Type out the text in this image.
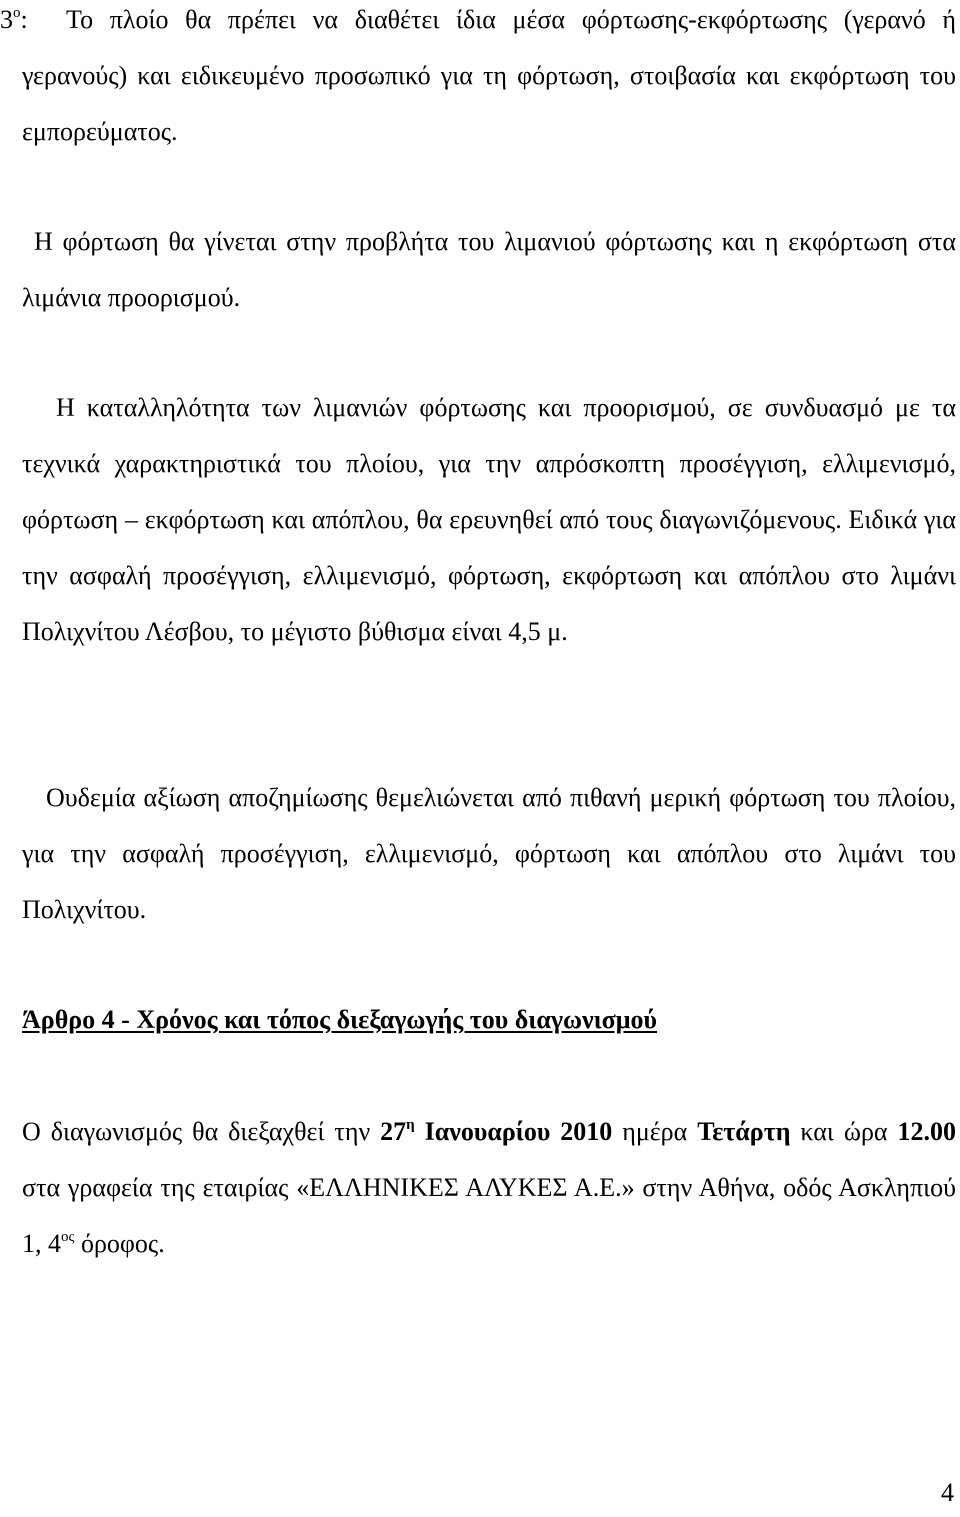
$3^o$:	Το πλοίο θα πρέπει να διαθέτει ίδια μέσα φόρτωσης-εκφόρτωσης (γερανό ή γερανούς) και ειδικευμένο προσωπικό για τη φόρτωση, στοιβασία και εκφόρτωση του εμπορεύματος.

Η φόρτωση θα γίνεται στην προβλήτα του λιμανιού φόρτωσης και η εκφόρτωση στα λιμάνια προορισμού.

Η καταλληλότητα των λιμανιών φόρτωσης και προορισμού, σε συνδυασμό με τα τεχνικά χαρακτηριστικά του πλοίου, για την απρόσκοπτη προσέγγιση, ελλιμενισμό, φόρτωση – εκφόρτωση και απόπλου, θα ερευνηθεί από τους διαγωνιζόμενους. Ειδικά για την ασφαλή προσέγγιση, ελλιμενισμό, φόρτωση, εκφόρτωση και απόπλου στο λιμάνι Πολιχνίτου Λέσβου, το μέγιστο βύθισμα είναι 4,5 μ.

Ουδεμία αξίωση αποζημίωσης θεμελιώνεται από πιθανή μερική φόρτωση του πλοίου, για την ασφαλή προσέγγιση, ελλιμενισμό, φόρτωση και απόπλου στο λιμάνι του Πολιχνίτου.

Άρθρο 4 - Χρόνος και τόπος διεξαγωγής του διαγωνισμού

Ο διαγωνισμός θα διεξαχθεί την $27^\eta$ Ιανουαρίου 2010 ημέρα Τετάρτη και ώρα 12.00 στα γραφεία της εταιρίας «ΕΛΛΗΝΙΚΕΣ ΑΛΥΚΕΣ Α.Ε.» στην Αθήνα, οδός Ασκληπιού 1, $4^{o\varsigma}$ όροφος.

4
